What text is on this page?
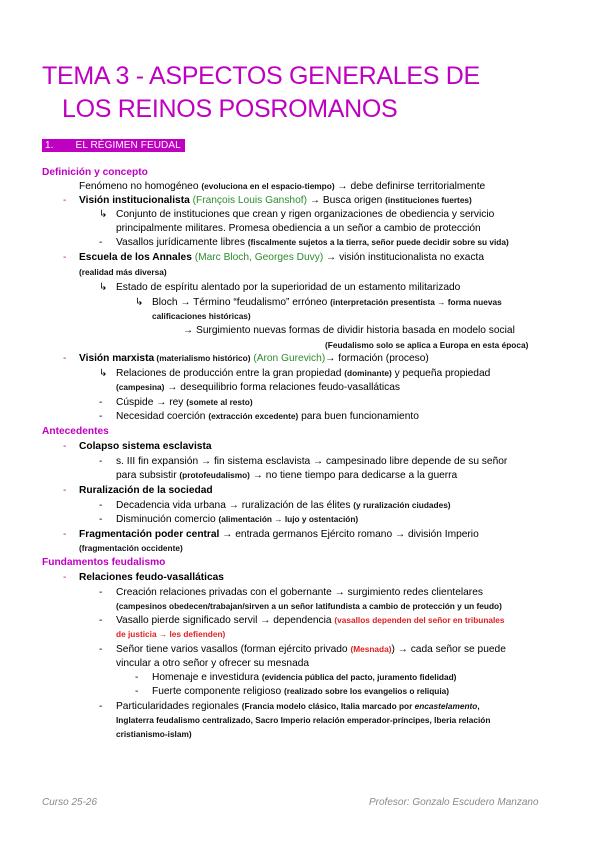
TEMA 3 - ASPECTOS GENERALES DE
LOS REINOS POSROMANOS
1. EL RÉGIMEN FEUDAL
Definición y concepto
Fenómeno no homogéneo (evoluciona en el espacio-tiempo) → debe definirse territorialmente
- Visión institucionalista (François Louis Ganshof) → Busca origen (instituciones fuertes)
↳ Conjunto de instituciones que crean y rigen organizaciones de obediencia y servicio
principalmente militares. Promesa obediencia a un señor a cambio de protección
- Vasallos jurídicamente libres (fiscalmente sujetos a la tierra, señor puede decidir sobre su vida)
- Escuela de los Annales (Marc Bloch, Georges Duvy) → visión institucionalista no exacta
(realidad más diversa)
↳ Estado de espíritu alentado por la superioridad de un estamento militarizado
↳ Bloch → Término “feudalismo” erróneo (interpretación presentista → forma nuevas
calificaciones históricas)
→ Surgimiento nuevas formas de dividir historia basada en modelo social
(Feudalismo solo se aplica a Europa en esta época)
- Visión marxista (materialismo histórico) (Aron Gurevich)→ formación (proceso)
↳ Relaciones de producción entre la gran propiedad (dominante) y pequeña propiedad
(campesina) → desequilibrio forma relaciones feudo-vasalláticas
- Cúspide → rey (somete al resto)
- Necesidad coerción (extracción excedente) para buen funcionamiento
Antecedentes
- Colapso sistema esclavista
- s. III fin expansión → fin sistema esclavista → campesinado libre depende de su señor
para subsistir (protofeudalismo) → no tiene tiempo para dedicarse a la guerra
- Ruralización de la sociedad
- Decadencia vida urbana → ruralización de las élites (y ruralización ciudades)
- Disminución comercio (alimentación → lujo y ostentación)
- Fragmentación poder central → entrada germanos Ejército romano → división Imperio
(fragmentación occidente)
Fundamentos feudalismo
- Relaciones feudo-vasalláticas
- Creación relaciones privadas con el gobernante → surgimiento redes clientelares
(campesinos obedecen/trabajan/sirven a un señor latifundista a cambio de protección y un feudo)
- Vasallo pierde significado servil → dependencia (vasallos dependen del señor en tribunales
de justicia → les defienden)
- Señor tiene varios vasallos (forman ejército privado (Mesnada)) → cada señor se puede
vincular a otro señor y ofrecer su mesnada
- Homenaje e investidura (evidencia pública del pacto, juramento fidelidad)
- Fuerte componente religioso (realizado sobre los evangelios o reliquia)
- Particularidades regionales (Francia modelo clásico, Italia marcado por encastelamento,
Inglaterra feudalismo centralizado, Sacro Imperio relación emperador-príncipes, Iberia relación
cristianismo-islam)
Curso 25-26	Profesor: Gonzalo Escudero Manzano
